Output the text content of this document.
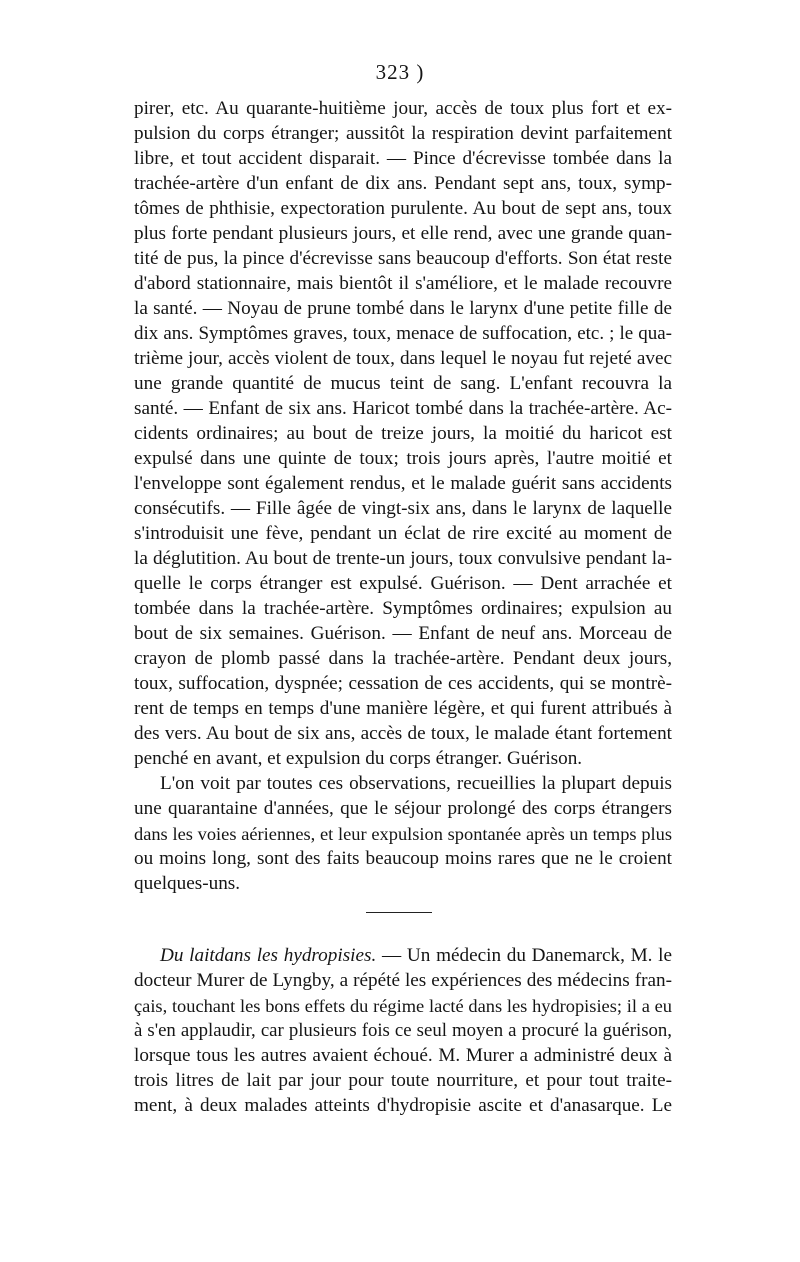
323 )
pirer, etc. Au quarante-huitième jour, accès de toux plus fort et ex-
pulsion du corps étranger; aussitôt la respiration devint parfaitement
libre, et tout accident disparait. — Pince d'écrevisse tombée dans la
trachée-artère d'un enfant de dix ans. Pendant sept ans, toux, symp-
tômes de phthisie, expectoration purulente. Au bout de sept ans, toux
plus forte pendant plusieurs jours, et elle rend, avec une grande quan-
tité de pus, la pince d'écrevisse sans beaucoup d'efforts. Son état reste
d'abord stationnaire, mais bientôt il s'améliore, et le malade recouvre
la santé. — Noyau de prune tombé dans le larynx d'une petite fille de
dix ans. Symptômes graves, toux, menace de suffocation, etc. ; le qua-
trième jour, accès violent de toux, dans lequel le noyau fut rejeté avec
une grande quantité de mucus teint de sang. L'enfant recouvra la
santé. — Enfant de six ans. Haricot tombé dans la trachée-artère. Ac-
cidents ordinaires; au bout de treize jours, la moitié du haricot est
expulsé dans une quinte de toux; trois jours après, l'autre moitié et
l'enveloppe sont également rendus, et le malade guérit sans accidents
consécutifs. — Fille âgée de vingt-six ans, dans le larynx de laquelle
s'introduisit une fève, pendant un éclat de rire excité au moment de
la déglutition. Au bout de trente-un jours, toux convulsive pendant la-
quelle le corps étranger est expulsé. Guérison. — Dent arrachée et
tombée dans la trachée-artère. Symptômes ordinaires; expulsion au
bout de six semaines. Guérison. — Enfant de neuf ans. Morceau de
crayon de plomb passé dans la trachée-artère. Pendant deux jours,
toux, suffocation, dyspnée; cessation de ces accidents, qui se montrè-
rent de temps en temps d'une manière légère, et qui furent attribués à
des vers. Au bout de six ans, accès de toux, le malade étant fortement
penché en avant, et expulsion du corps étranger. Guérison.
L'on voit par toutes ces observations, recueillies la plupart depuis
une quarantaine d'années, que le séjour prolongé des corps étrangers
dans les voies aériennes, et leur expulsion spontanée après un temps plus
ou moins long, sont des faits beaucoup moins rares que ne le croient
quelques-uns.
Du laitdans les hydropisies. — Un médecin du Danemarck, M. le
docteur Murer de Lyngby, a répété les expériences des médecins fran-
çais, touchant les bons effets du régime lacté dans les hydropisies; il a eu
à s'en applaudir, car plusieurs fois ce seul moyen a procuré la guérison,
lorsque tous les autres avaient échoué. M. Murer a administré deux à
trois litres de lait par jour pour toute nourriture, et pour tout traite-
ment, à deux malades atteints d'hydropisie ascite et d'anasarque. Le
